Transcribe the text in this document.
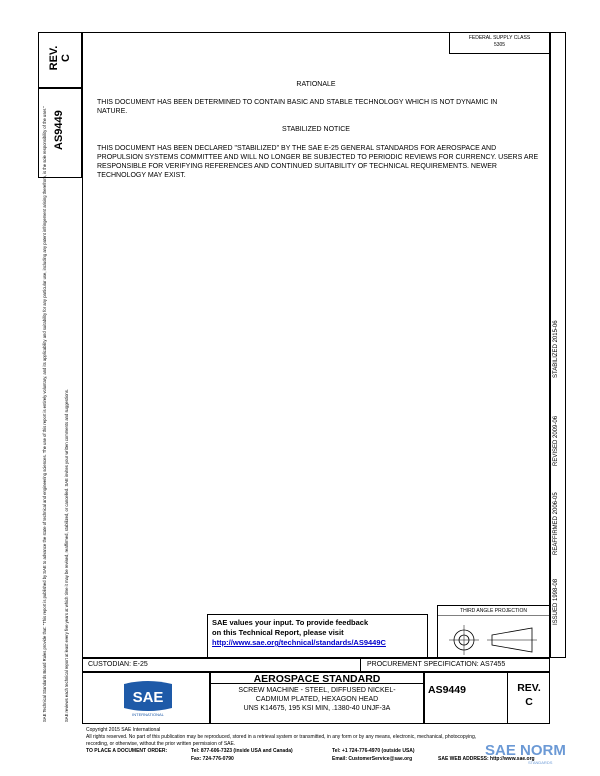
SAE Technical Standards Board Rules provide that: "This report is published by SAE to advance the state of technical and engineering sciences. The use of this report is entirely voluntary, and its applicability and suitability for any particular use, including any patent infringement arising therefrom, is the sole responsibility of the user."	SAE reviews each technical report at least every five years at which time it may be revised, reaffirmed, stabilized, or cancelled. SAE invites your written comments and suggestions.
REV. C
AS9449
FEDERAL SUPPLY CLASS
5305
RATIONALE
THIS DOCUMENT HAS BEEN DETERMINED TO CONTAIN BASIC AND STABLE TECHNOLOGY WHICH IS NOT DYNAMIC IN NATURE.
STABILIZED NOTICE
THIS DOCUMENT HAS BEEN DECLARED "STABILIZED" BY THE SAE E-25 GENERAL STANDARDS FOR AEROSPACE AND PROPULSION SYSTEMS COMMITTEE AND WILL NO LONGER BE SUBJECTED TO PERIODIC REVIEWS FOR CURRENCY. USERS ARE RESPONSIBLE FOR VERIFYING REFERENCES AND CONTINUED SUITABILITY OF TECHNICAL REQUIREMENTS. NEWER TECHNOLOGY MAY EXIST.
ISSUED 1998-08
REAFFIRMED 2006-05
REVISED 2009-06
STABILIZED 2015-06
SAE values your input. To provide feedback
on this Technical Report, please visit
http://www.sae.org/technical/standards/AS9449C
THIRD ANGLE PROJECTION
CUSTODIAN: E-25	PROCUREMENT SPECIFICATION: AS7455
SAE
INTERNATIONAL
AEROSPACE STANDARD
SCREW MACHINE - STEEL, DIFFUSED NICKEL-
CADMIUM PLATED, HEXAGON HEAD
UNS K14675, 195 KSI MIN, .1380-40 UNJF-3A
AS9449	REV.
C
Copyright 2015 SAE International
All rights reserved. No part of this publication may be reproduced, stored in a retrieval system or transmitted, in any form or by any means, electronic, mechanical, photocopying,
recording, or otherwise, without the prior written permission of SAE.
TO PLACE A DOCUMENT ORDER:	Tel: 877-606-7323 (inside USA and Canada)	Tel: +1 724-776-4970 (outside USA)
Fax: 724-776-0790	Email: CustomerService@sae.org	SAE WEB ADDRESS: http://www.sae.org
SAE NORM
STANDARDS
